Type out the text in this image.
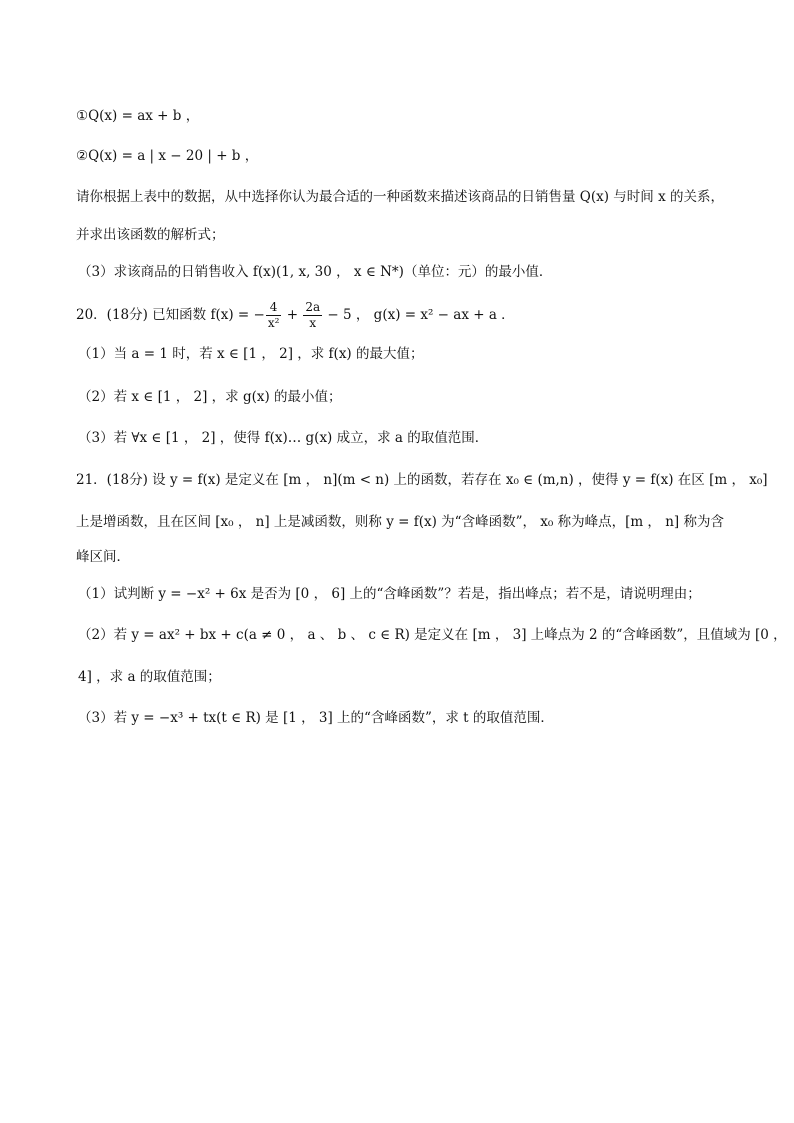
①Q(x) = ax + b ，
②Q(x) = a | x − 20 | + b ，
请你根据上表中的数据，从中选择你认为最合适的一种函数来描述该商品的日销售量 Q(x) 与时间 x 的关系，
并求出该函数的解析式；
（3）求该商品的日销售收入 f(x)(1, x, 30 ， x ∈ N*)（单位：元）的最小值．
20．(18分) 已知函数 f(x) = − $\frac{4}{\text{x²}} + \frac{2a}{x} - 5$ ， g(x) = x² − ax + a ．
（1）当 a = 1 时，若 x ∈ [1 ， 2] ，求 f(x) 的最大值；
（2）若 x ∈ [1 ， 2] ，求 g(x) 的最小值；
（3）若 ∀x ∈ [1 ， 2] ，使得 f(x)… g(x) 成立，求 a 的取值范围．
21．(18分) 设 y = f(x) 是定义在 [m ， n](m < n) 上的函数，若存在 x₀ ∈ (m,n) ，使得 y = f(x) 在区 [m ， x₀]
上是增函数，且在区间 [x₀ ， n] 上是减函数，则称 y = f(x) 为“含峰函数”， x₀ 称为峰点，[m ， n] 称为含
峰区间．
（1）试判断 y = −x² + 6x 是否为 [0 ， 6] 上的“含峰函数”？若是，指出峰点；若不是，请说明理由；
（2）若 y = ax² + bx + c(a ≠ 0 ， a 、 b 、 c ∈ R) 是定义在 [m ， 3] 上峰点为 2 的“含峰函数”，且值域为 [0 ，
4] ，求 a 的取值范围；
（3）若 y = −x³ + tx(t ∈ R) 是 [1 ， 3] 上的“含峰函数”，求 t 的取值范围．
